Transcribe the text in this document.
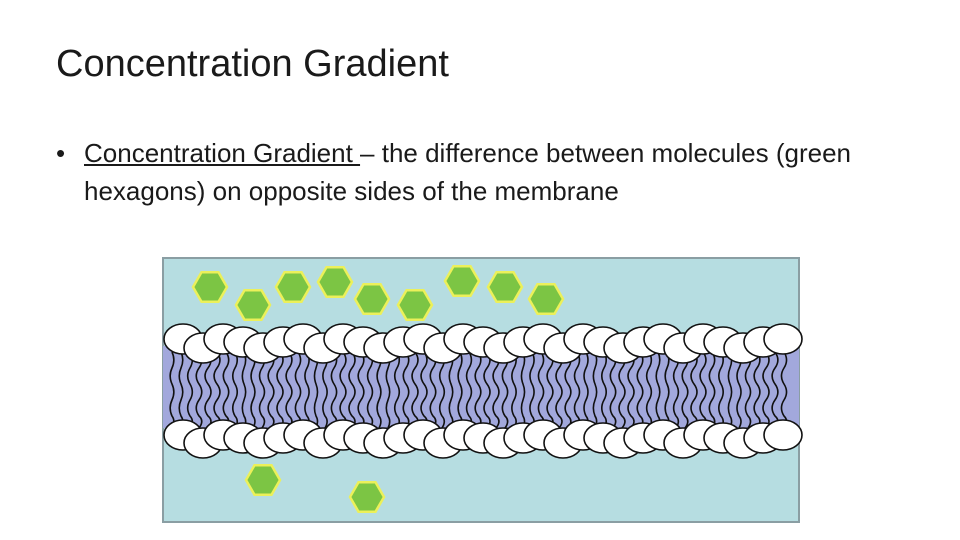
Concentration Gradient
• Concentration Gradient – the difference between molecules (green hexagons) on opposite sides of the membrane
